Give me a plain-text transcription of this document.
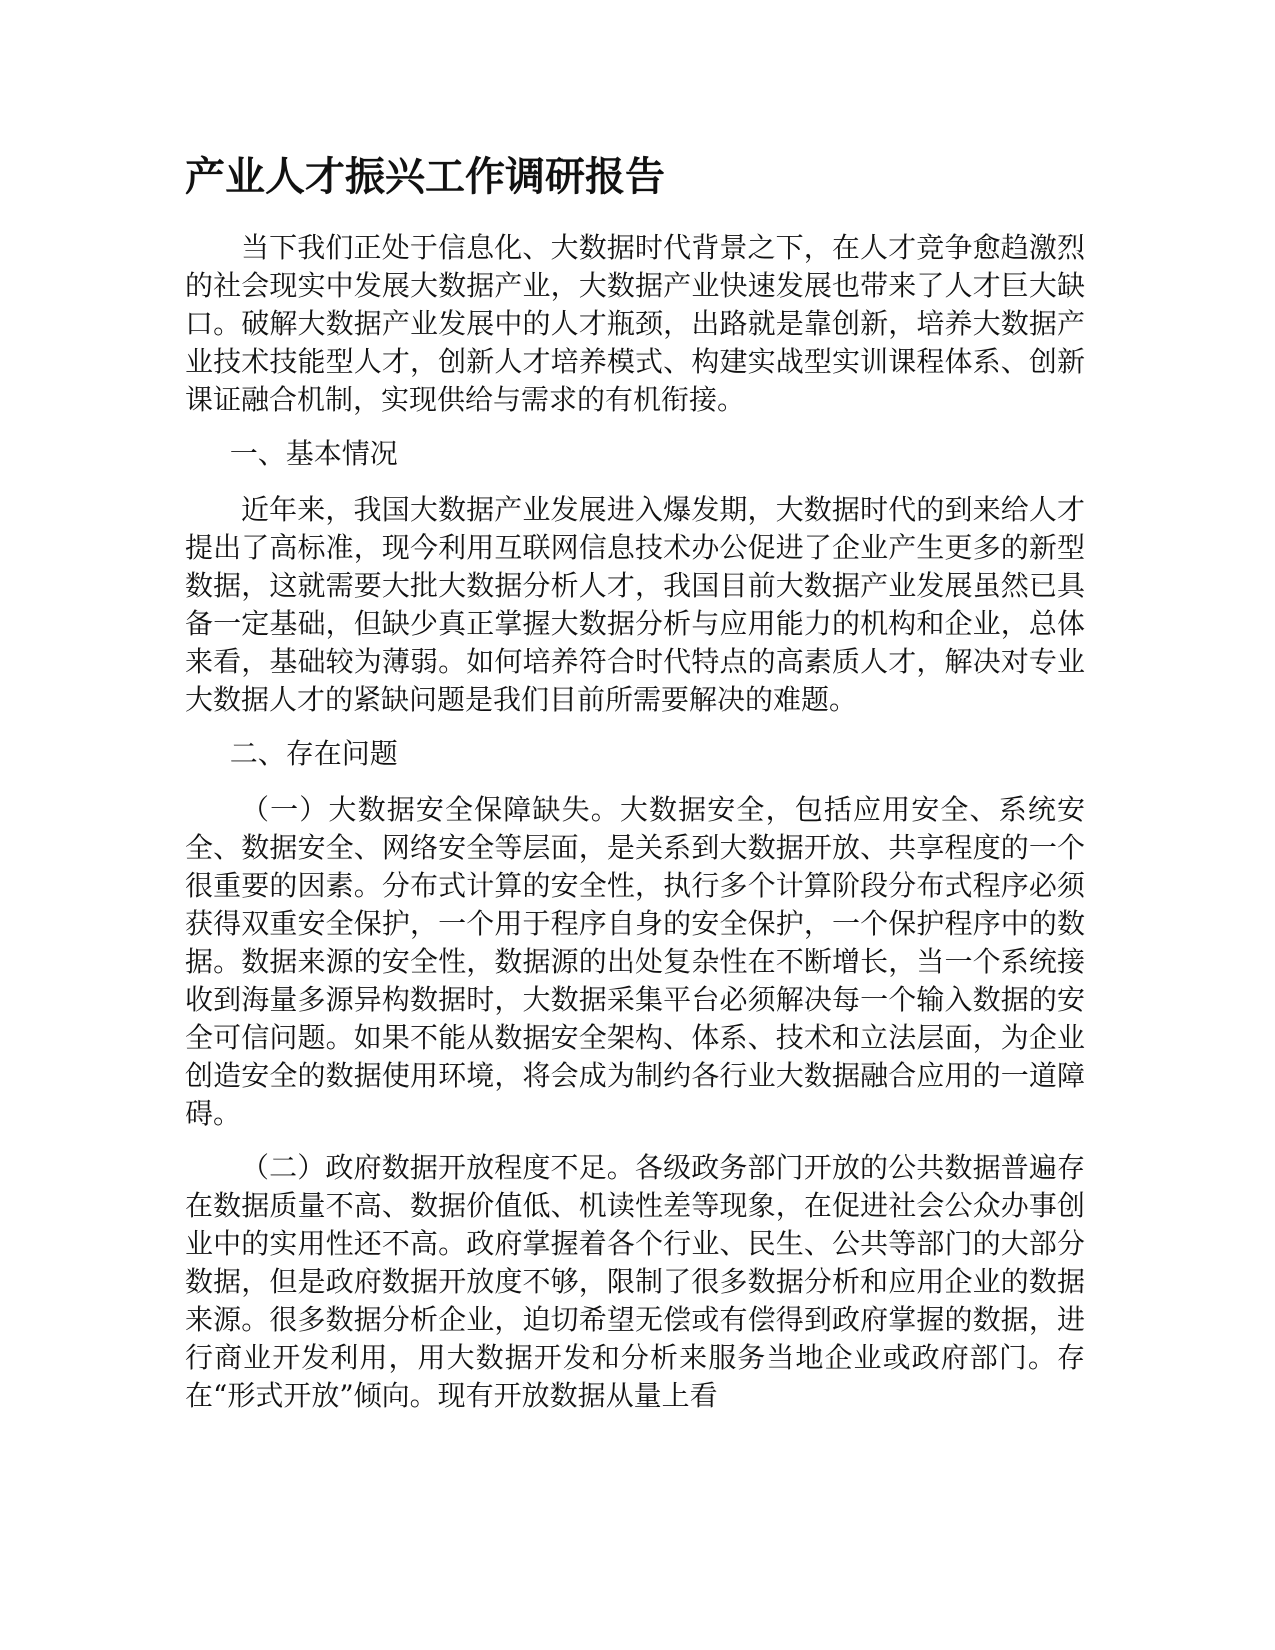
产业人才振兴工作调研报告

当下我们正处于信息化、大数据时代背景之下，在人才竞争愈趋激烈的社会现实中发展大数据产业，大数据产业快速发展也带来了人才巨大缺口。破解大数据产业发展中的人才瓶颈，出路就是靠创新，培养大数据产业技术技能型人才，创新人才培养模式、构建实战型实训课程体系、创新课证融合机制，实现供给与需求的有机衔接。

一、基本情况

近年来，我国大数据产业发展进入爆发期，大数据时代的到来给人才提出了高标准，现今利用互联网信息技术办公促进了企业产生更多的新型数据，这就需要大批大数据分析人才，我国目前大数据产业发展虽然已具备一定基础，但缺少真正掌握大数据分析与应用能力的机构和企业，总体来看，基础较为薄弱。如何培养符合时代特点的高素质人才，解决对专业大数据人才的紧缺问题是我们目前所需要解决的难题。

二、存在问题

（一）大数据安全保障缺失。大数据安全，包括应用安全、系统安全、数据安全、网络安全等层面，是关系到大数据开放、共享程度的一个很重要的因素。分布式计算的安全性，执行多个计算阶段分布式程序必须获得双重安全保护，一个用于程序自身的安全保护，一个保护程序中的数据。数据来源的安全性，数据源的出处复杂性在不断增长，当一个系统接收到海量多源异构数据时，大数据采集平台必须解决每一个输入数据的安全可信问题。如果不能从数据安全架构、体系、技术和立法层面，为企业创造安全的数据使用环境，将会成为制约各行业大数据融合应用的一道障碍。

（二）政府数据开放程度不足。各级政务部门开放的公共数据普遍存在数据质量不高、数据价值低、机读性差等现象，在促进社会公众办事创业中的实用性还不高。政府掌握着各个行业、民生、公共等部门的大部分数据，但是政府数据开放度不够，限制了很多数据分析和应用企业的数据来源。很多数据分析企业，迫切希望无偿或有偿得到政府掌握的数据，进行商业开发利用，用大数据开发和分析来服务当地企业或政府部门。存在“形式开放”倾向。现有开放数据从量上看
